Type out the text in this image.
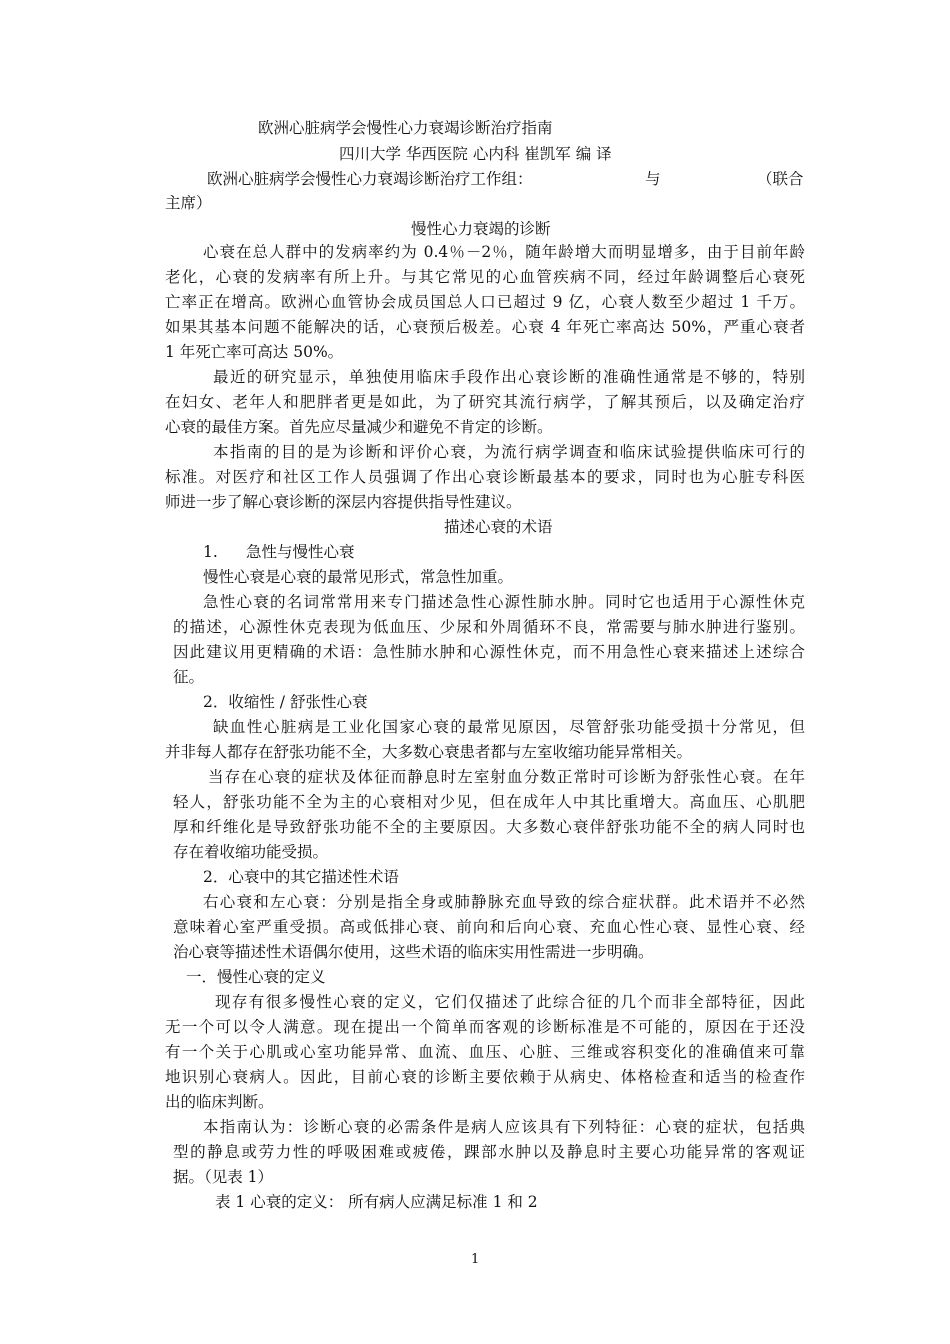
欧洲心脏病学会慢性心力衰竭诊断治疗指南
四川大学 华西医院 心内科 崔凯军 编 译
欧洲心脏病学会慢性心力衰竭诊断治疗工作组：	与	（联合
主席）
慢性心力衰竭的诊断
心衰在总人群中的发病率约为 0.4％－2％，随年龄增大而明显增多，由于目前年龄
老化，心衰的发病率有所上升。与其它常见的心血管疾病不同，经过年龄调整后心衰死
亡率正在增高。欧洲心血管协会成员国总人口已超过 9 亿，心衰人数至少超过 1 千万。
如果其基本问题不能解决的话，心衰预后极差。心衰 4 年死亡率高达 50%，严重心衰者
1 年死亡率可高达 50%。
最近的研究显示，单独使用临床手段作出心衰诊断的准确性通常是不够的，特别
在妇女、老年人和肥胖者更是如此，为了研究其流行病学，了解其预后，以及确定治疗
心衰的最佳方案。首先应尽量减少和避免不肯定的诊断。
本指南的目的是为诊断和评价心衰，为流行病学调查和临床试验提供临床可行的
标准。对医疗和社区工作人员强调了作出心衰诊断最基本的要求，同时也为心脏专科医
师进一步了解心衰诊断的深层内容提供指导性建议。
描述心衰的术语
1. 急性与慢性心衰
慢性心衰是心衰的最常见形式，常急性加重。
急性心衰的名词常常用来专门描述急性心源性肺水肿。同时它也适用于心源性休克
的描述，心源性休克表现为低血压、少尿和外周循环不良，常需要与肺水肿进行鉴别。
因此建议用更精确的术语：急性肺水肿和心源性休克，而不用急性心衰来描述上述综合
征。
2．收缩性 / 舒张性心衰
缺血性心脏病是工业化国家心衰的最常见原因，尽管舒张功能受损十分常见，但
并非每人都存在舒张功能不全，大多数心衰患者都与左室收缩功能异常相关。
当存在心衰的症状及体征而静息时左室射血分数正常时可诊断为舒张性心衰。在年
轻人，舒张功能不全为主的心衰相对少见，但在成年人中其比重增大。高血压、心肌肥
厚和纤维化是导致舒张功能不全的主要原因。大多数心衰伴舒张功能不全的病人同时也
存在着收缩功能受损。
2．心衰中的其它描述性术语
右心衰和左心衰：分别是指全身或肺静脉充血导致的综合症状群。此术语并不必然
意味着心室严重受损。高或低排心衰、前向和后向心衰、充血心性心衰、显性心衰、经
治心衰等描述性术语偶尔使用，这些术语的临床实用性需进一步明确。
一．慢性心衰的定义
现存有很多慢性心衰的定义，它们仅描述了此综合征的几个而非全部特征，因此
无一个可以令人满意。现在提出一个简单而客观的诊断标准是不可能的，原因在于还没
有一个关于心肌或心室功能异常、血流、血压、心脏、三维或容积变化的准确值来可靠
地识别心衰病人。因此，目前心衰的诊断主要依赖于从病史、体格检查和适当的检查作
出的临床判断。
本指南认为：诊断心衰的必需条件是病人应该具有下列特征：心衰的症状，包括典
型的静息或劳力性的呼吸困难或疲倦，踝部水肿以及静息时主要心功能异常的客观证
据。（见表 1）
表 1 心衰的定义： 所有病人应满足标准 1 和 2
1
